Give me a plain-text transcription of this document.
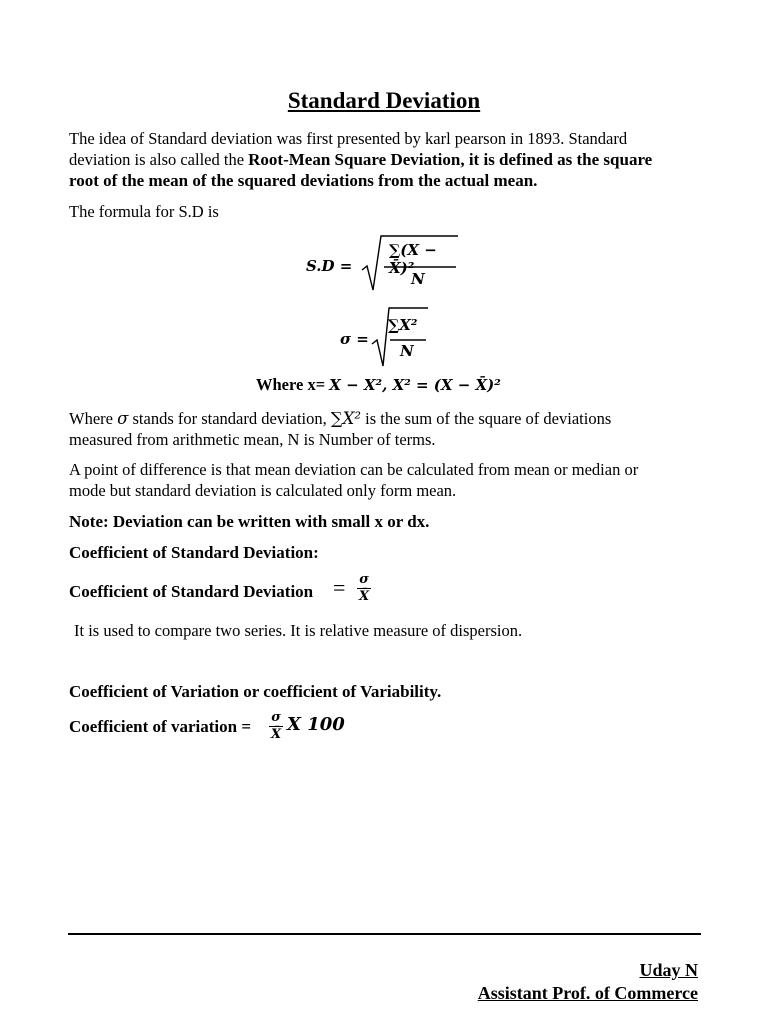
Standard Deviation
The idea of Standard deviation was first presented by karl pearson in 1893. Standard
deviation is also called the Root-Mean Square Deviation, it is defined as the square
root of the mean of the squared deviations from the actual mean.
The formula for S.D is
S.D =
∑(X − X̄)²
N
σ =
∑X²
N
Where x= X − X², X² = (X − X̄)²
Where σ stands for standard deviation, ∑X² is the sum of the square of deviations
measured from arithmetic mean, N is Number of terms.
A point of difference is that mean deviation can be calculated from mean or median or
mode but standard deviation is calculated only form mean.
Note: Deviation can be written with small x or dx.
Coefficient of Standard Deviation:
Coefficient of Standard Deviation = $\frac{\sigma}{X̄}$
It is used to compare two series. It is relative measure of dispersion.
Coefficient of Variation or coefficient of Variability.
Coefficient of variation = $\frac{\sigma}{X̄}$ X 100
Uday N
Assistant Prof. of Commerce
